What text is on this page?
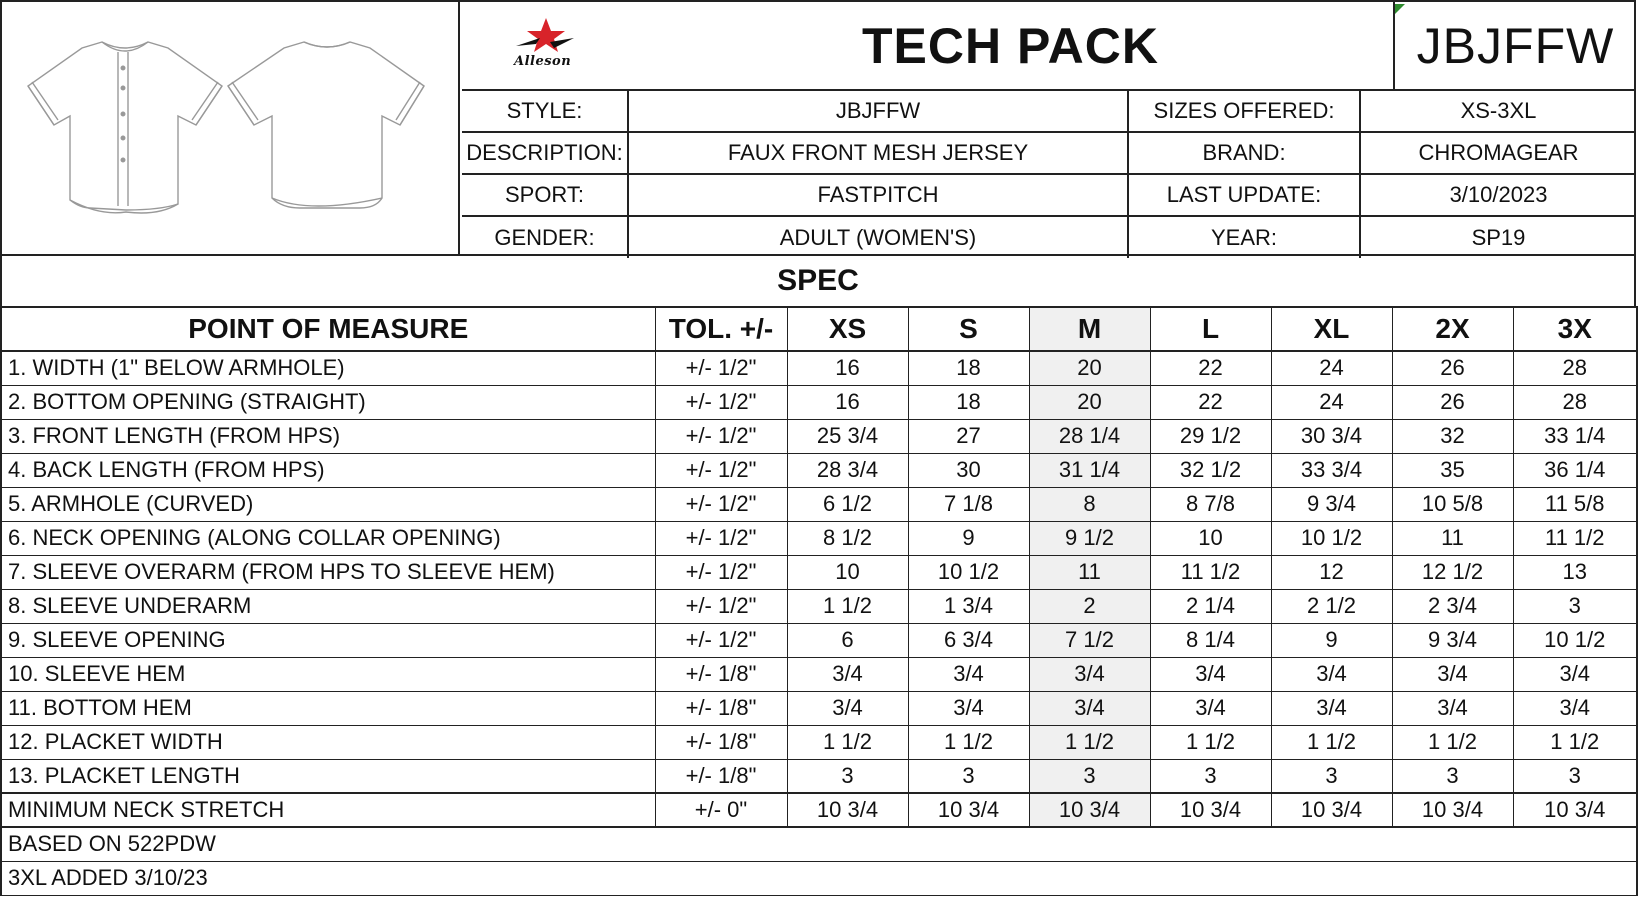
Alleson	TECH PACK	JBJFFW
STYLE:	JBJFFW	SIZES OFFERED:	XS-3XL
DESCRIPTION:	FAUX FRONT MESH JERSEY	BRAND:	CHROMAGEAR
SPORT:	FASTPITCH	LAST UPDATE:	3/10/2023
GENDER:	ADULT (WOMEN'S)	YEAR:	SP19
SPEC
POINT OF MEASURE	TOL. +/-	XS	S	M	L	XL	2X	3X
1. WIDTH (1" BELOW ARMHOLE)	+/- 1/2"	16	18	20	22	24	26	28
2. BOTTOM OPENING (STRAIGHT)	+/- 1/2"	16	18	20	22	24	26	28
3. FRONT LENGTH (FROM HPS)	+/- 1/2"	25 3/4	27	28 1/4	29 1/2	30 3/4	32	33 1/4
4. BACK LENGTH (FROM HPS)	+/- 1/2"	28 3/4	30	31 1/4	32 1/2	33 3/4	35	36 1/4
5. ARMHOLE (CURVED)	+/- 1/2"	6 1/2	7 1/8	8	8 7/8	9 3/4	10 5/8	11 5/8
6. NECK OPENING (ALONG COLLAR OPENING)	+/- 1/2"	8 1/2	9	9 1/2	10	10 1/2	11	11 1/2
7. SLEEVE OVERARM (FROM HPS TO SLEEVE HEM)	+/- 1/2"	10	10 1/2	11	11 1/2	12	12 1/2	13
8. SLEEVE UNDERARM	+/- 1/2"	1 1/2	1 3/4	2	2 1/4	2 1/2	2 3/4	3
9. SLEEVE OPENING	+/- 1/2"	6	6 3/4	7 1/2	8 1/4	9	9 3/4	10 1/2
10. SLEEVE HEM	+/- 1/8"	3/4	3/4	3/4	3/4	3/4	3/4	3/4
11. BOTTOM HEM	+/- 1/8"	3/4	3/4	3/4	3/4	3/4	3/4	3/4
12. PLACKET WIDTH	+/- 1/8"	1 1/2	1 1/2	1 1/2	1 1/2	1 1/2	1 1/2	1 1/2
13. PLACKET LENGTH	+/- 1/8"	3	3	3	3	3	3	3
MINIMUM NECK STRETCH	+/- 0"	10 3/4	10 3/4	10 3/4	10 3/4	10 3/4	10 3/4	10 3/4
BASED ON 522PDW								
3XL ADDED 3/10/23								
